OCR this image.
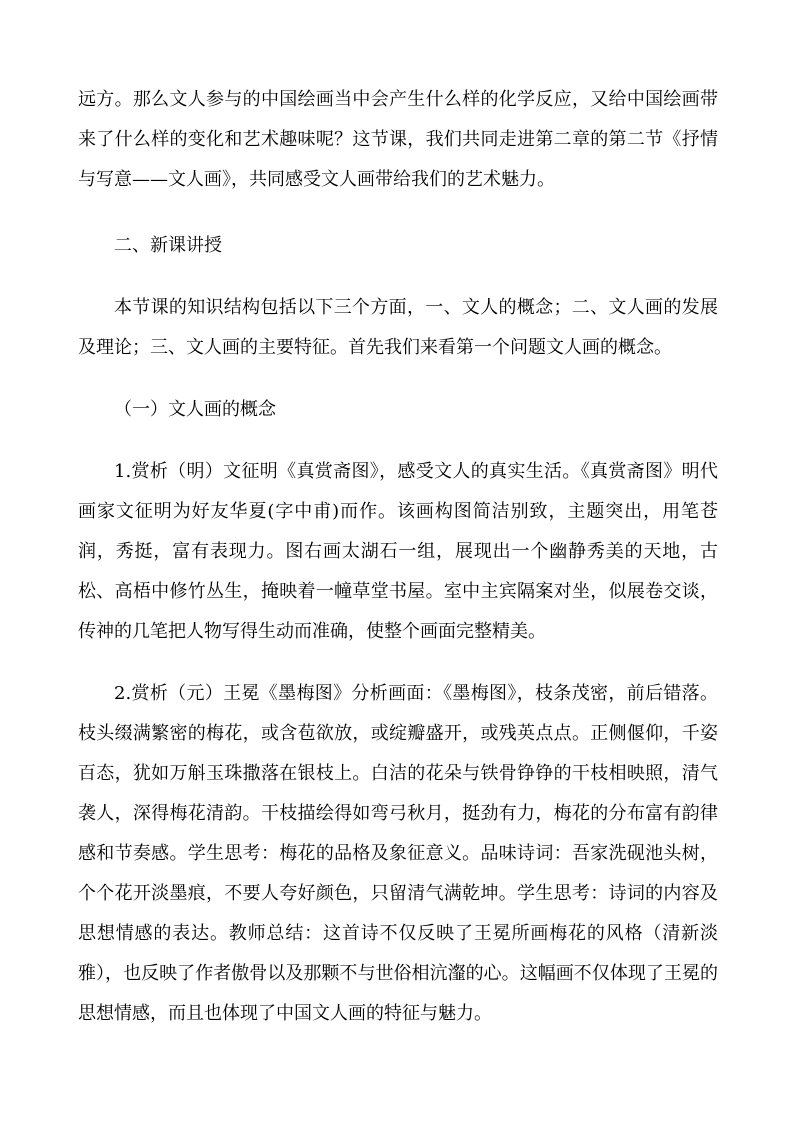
远方。那么文人参与的中国绘画当中会产生什么样的化学反应，又给中国绘画带来了什么样的变化和艺术趣味呢？这节课，我们共同走进第二章的第二节《抒情与写意——文人画》，共同感受文人画带给我们的艺术魅力。

二、新课讲授

本节课的知识结构包括以下三个方面，一、文人的概念；二、文人画的发展及理论；三、文人画的主要特征。首先我们来看第一个问题文人画的概念。

（一）文人画的概念

1.赏析（明）文征明《真赏斋图》，感受文人的真实生活。《真赏斋图》明代画家文征明为好友华夏(字中甫)而作。该画构图简洁别致，主题突出，用笔苍润，秀挺，富有表现力。图右画太湖石一组，展现出一个幽静秀美的天地，古松、高梧中修竹丛生，掩映着一幢草堂书屋。室中主宾隔案对坐，似展卷交谈，传神的几笔把人物写得生动而准确，使整个画面完整精美。

2.赏析（元）王冕《墨梅图》分析画面：《墨梅图》，枝条茂密，前后错落。枝头缀满繁密的梅花，或含苞欲放，或绽瓣盛开，或残英点点。正侧偃仰，千姿百态，犹如万斛玉珠撒落在银枝上。白洁的花朵与铁骨铮铮的干枝相映照，清气袭人，深得梅花清韵。干枝描绘得如弯弓秋月，挺劲有力，梅花的分布富有韵律感和节奏感。学生思考：梅花的品格及象征意义。品味诗词：吾家洗砚池头树，个个花开淡墨痕，不要人夸好颜色，只留清气满乾坤。学生思考：诗词的内容及思想情感的表达。教师总结：这首诗不仅反映了王冕所画梅花的风格（清新淡雅），也反映了作者傲骨以及那颗不与世俗相沆瀣的心。这幅画不仅体现了王冕的思想情感，而且也体现了中国文人画的特征与魅力。
